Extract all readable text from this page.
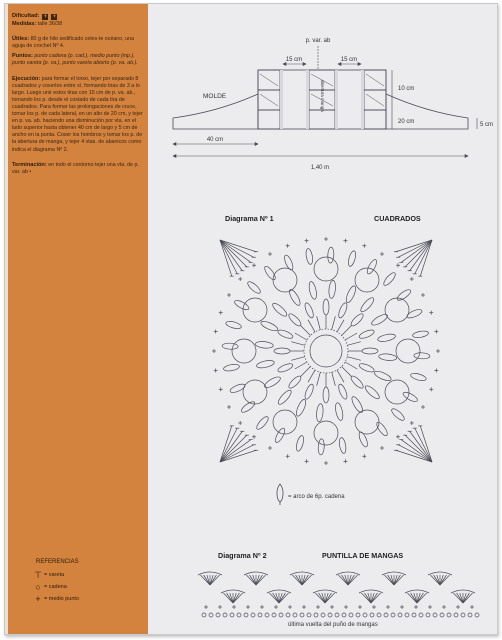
Dificultad: + +

Medidas: talle 36/38

Útiles: 80 g de hilo sedificado celes-te océano, una aguja de crochet Nº 4.

Puntos: punto cadena (p. cad.), medio punto (mp.), punto vareta (p. va.), punto vareta abierto (p. va. ab.).

Ejecución: para formar el torso, tejer por separado 8 cuadrados y coserlos entre sí, formando tiras de 3 a lo largo. Luego unir estos tiras con 15 cm de p. va. ab., tomando los p. desde el costado de cada tira de cuadrados. Para formar las prolongaciones de cruce, tomar los p. de cada lateral, en un alto de 20 cm, y tejer en p. va. ab. haciendo una disminución por vta. en el lado superior hasta obtener 40 cm de largo y 5 cm de ancho en la punta. Coser los hombros y tomar los p. de la abertura de manga, y tejer 4 vtas. de abanicos como indica el diagrama Nº 2.

Terminación: en todo el contorno tejer una vta. de p. var. ab •

REFERENCIAS
⊤ = vareta
○ = cadena
+ = medio punto
p. var. ab
15 cm	15 cm
MOLDE	abertura manga	10 cm
20 cm	5 cm
40 cm
1,40 m
Diagrama Nº 1	CUADRADOS
= arco de 6p. cadena
Diagrama Nº 2	PUNTILLA DE MANGAS
última vuelta del puño de mangas
